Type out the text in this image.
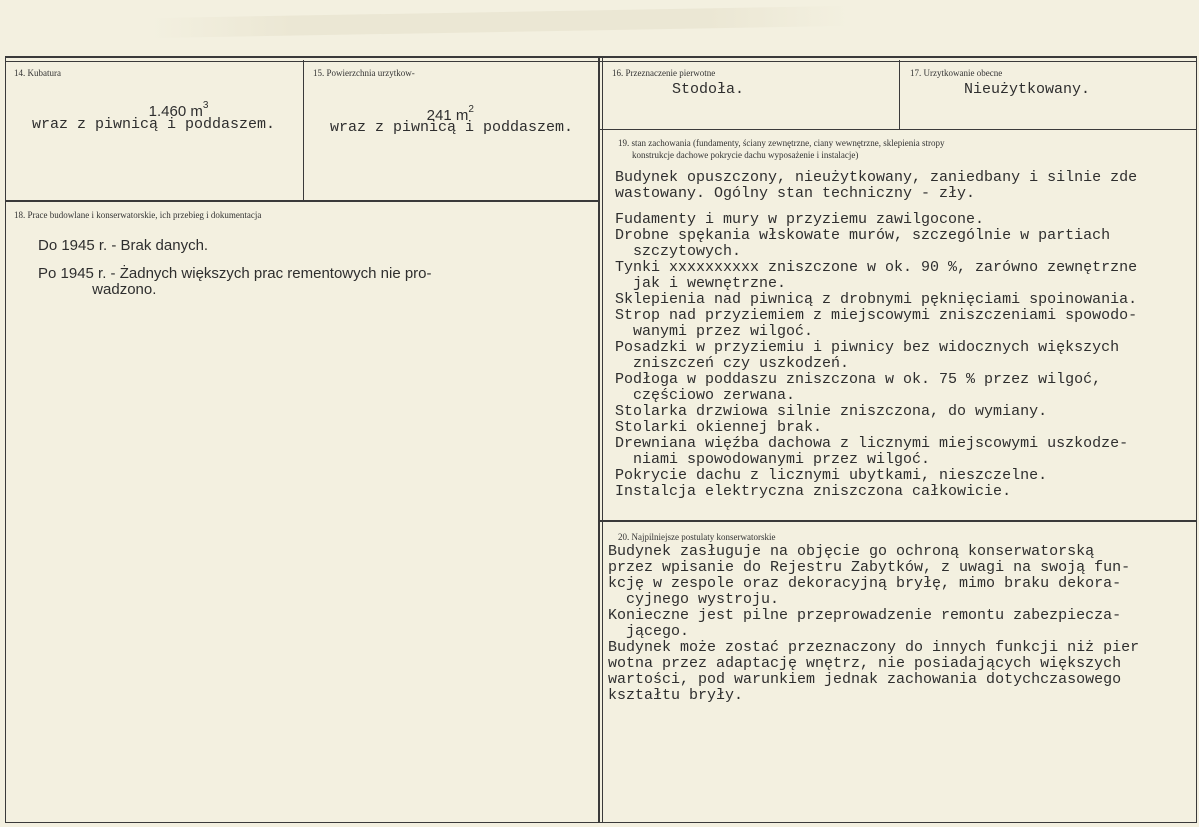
14. Kubatura

1.460 $m^3$

wraz z piwnicą i poddaszem.
15. Powierzchnia urzytkow-

241 $m^2$

wraz z piwnicą i poddaszem.
16. Przeznaczenie pierwotne
Stodoła.
17. Urzytkowanie obecne
Nieużytkowany.
18. Prace budowlane i konserwatorskie, ich przebieg i dokumentacja
Do 1945 r. - Brak danych.
Po 1945 r. - Żadnych większych prac rementowych nie pro-
wadzono.
19. stan zachowania (fundamenty, ściany zewnętrzne, ciany wewnętrzne, sklepienia stropy
konstrukcje dachowe pokrycie dachu wyposażenie i instalacje)
Budynek opuszczony, nieużytkowany, zaniedbany i silnie zde
wastowany. Ogólny stan techniczny - zły.
Fudamenty i mury w przyziemu zawilgocone.
Drobne spękania włskowate murów, szczególnie w partiach
szczytowych.
Tynki xxxxxxxxxx zniszczone w ok. 90 %, zarówno zewnętrzne
jak i wewnętrzne.
Sklepienia nad piwnicą z drobnymi pęknięciami spoinowania.
Strop nad przyziemiem z miejscowymi zniszczeniami spowodo-
wanymi przez wilgoć.
Posadzki w przyziemiu i piwnicy bez widocznych większych
zniszczeń czy uszkodzeń.
Podłoga w poddaszu zniszczona w ok. 75 % przez wilgoć,
częściowo zerwana.
Stolarka drzwiowa silnie zniszczona, do wymiany.
Stolarki okiennej brak.
Drewniana więźba dachowa z licznymi miejscowymi uszkodze-
niami spowodowanymi przez wilgoć.
Pokrycie dachu z licznymi ubytkami, nieszczelne.
Instalcja elektryczna zniszczona całkowicie.
20. Najpilniejsze postulaty konserwatorskie
Budynek zasługuje na objęcie go ochroną konserwatorską
przez wpisanie do Rejestru Zabytków, z uwagi na swoją fun-
kcję w zespole oraz dekoracyjną bryłę, mimo braku dekora-
cyjnego wystroju.
Konieczne jest pilne przeprowadzenie remontu zabezpiecza-
jącego.
Budynek może zostać przeznaczony do innych funkcji niż pier
wotna przez adaptację wnętrz, nie posiadających większych
wartości, pod warunkiem jednak zachowania dotychczasowego
kształtu bryły.
